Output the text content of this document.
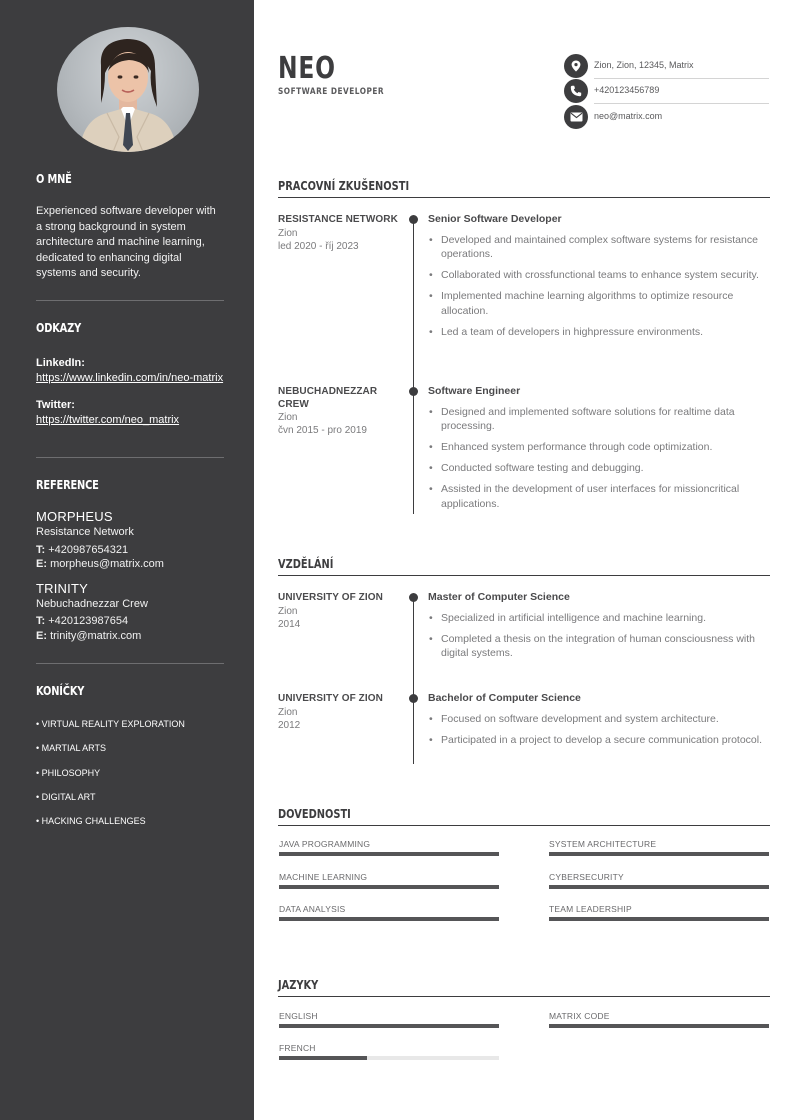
O MNĚ
Experienced software developer with a strong background in system architecture and machine learning, dedicated to enhancing digital systems and security.
ODKAZY
LinkedIn:
https://www.linkedin.com/in/neo-matrix
Twitter:
https://twitter.com/neo_matrix
REFERENCE
MORPHEUS
Resistance Network
T: +420987654321
E: morpheus@matrix.com
TRINITY
Nebuchadnezzar Crew
T: +420123987654
E: trinity@matrix.com
KONÍČKY
• VIRTUAL REALITY EXPLORATION
• MARTIAL ARTS
• PHILOSOPHY
• DIGITAL ART
• HACKING CHALLENGES
NEO
SOFTWARE DEVELOPER
Zion, Zion, 12345, Matrix
+420123456789
neo@matrix.com
PRACOVNÍ ZKUŠENOSTI
RESISTANCE NETWORK
Zion
led 2020 - říj 2023
Senior Software Developer
• Developed and maintained complex software systems for resistance operations.
• Collaborated with crossfunctional teams to enhance system security.
• Implemented machine learning algorithms to optimize resource allocation.
• Led a team of developers in highpressure environments.
NEBUCHADNEZZAR CREW
Zion
čvn 2015 - pro 2019
Software Engineer
• Designed and implemented software solutions for realtime data processing.
• Enhanced system performance through code optimization.
• Conducted software testing and debugging.
• Assisted in the development of user interfaces for missioncritical applications.
VZDĚLÁNÍ
UNIVERSITY OF ZION
Zion
2014
Master of Computer Science
• Specialized in artificial intelligence and machine learning.
• Completed a thesis on the integration of human consciousness with digital systems.
UNIVERSITY OF ZION
Zion
2012
Bachelor of Computer Science
• Focused on software development and system architecture.
• Participated in a project to develop a secure communication protocol.
DOVEDNOSTI
JAVA PROGRAMMING	SYSTEM ARCHITECTURE
MACHINE LEARNING	CYBERSECURITY
DATA ANALYSIS	TEAM LEADERSHIP
JAZYKY
ENGLISH	MATRIX CODE
FRENCH
